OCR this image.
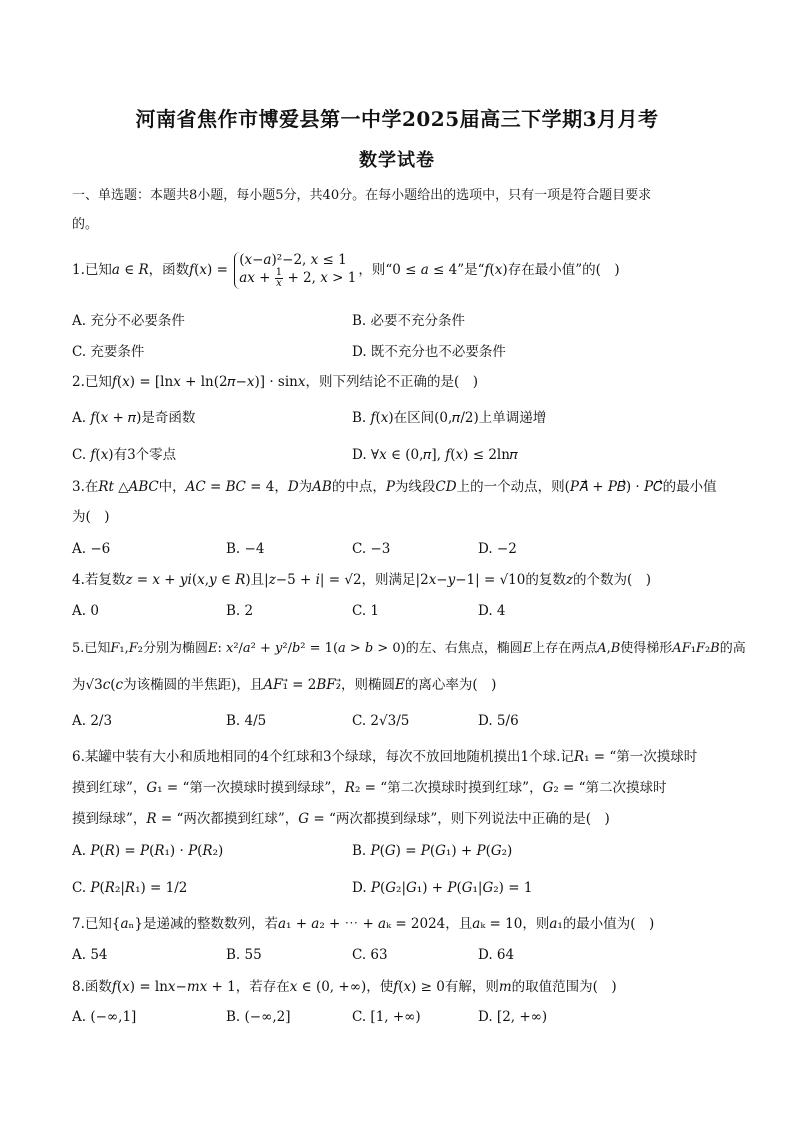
河南省焦作市博爱县第一中学2025届高三下学期3月月考
数学试卷
一、单选题：本题共8小题，每小题5分，共40分。在每小题给出的选项中，只有一项是符合题目要求
的。
1.已知𝑎 ∈ 𝑅，函数𝑓(𝑥) =
(𝑥−𝑎)²−2, 𝑥 ≤ 1
𝑎𝑥 + $\frac{1}{\text{𝑥}} + 2$, 𝑥 > 1 ，则“0 ≤ 𝑎 ≤ 4”是“𝑓(𝑥)存在最小值”的(　)
A. 充分不必要条件	B. 必要不充分条件
C. 充要条件	D. 既不充分也不必要条件
2.已知𝑓(𝑥) = [ln𝑥 + ln(2𝜋−𝑥)] · sin𝑥，则下列结论不正确的是(　)
A. 𝑓(𝑥 + 𝜋)是奇函数	B. 𝑓(𝑥)在区间(0,𝜋/2)上单调递增
C. 𝑓(𝑥)有3个零点	D. ∀𝑥 ∈ (0,𝜋], 𝑓(𝑥) ≤ 2ln𝜋
3.在𝑅𝑡 △𝐴𝐵𝐶中，𝐴𝐶 = 𝐵𝐶 = 4，𝐷为𝐴𝐵的中点，𝑃为线段𝐶𝐷上的一个动点，则(𝑃𝐴⃗ + 𝑃𝐵⃗) · 𝑃𝐶⃗的最小值
为(　)
A. −6	B. −4	C. −3	D. −2
4.若复数𝑧 = 𝑥 + 𝑦𝑖(𝑥,𝑦 ∈ 𝑅)且|𝑧−5 + 𝑖| = √2，则满足|2𝑥−𝑦−1| = √10的复数𝑧的个数为(　)
A. 0	B. 2	C. 1	D. 4
5.已知𝐹₁,𝐹₂分别为椭圆𝐸: 𝑥²/𝑎² + 𝑦²/𝑏² = 1(𝑎 > 𝑏 > 0)的左、右焦点，椭圆𝐸上存在两点𝐴,𝐵使得梯形𝐴𝐹₁𝐹₂𝐵的高
为√3𝑐(𝑐为该椭圆的半焦距)，且𝐴𝐹₁⃗ = 2𝐵𝐹₂⃗，则椭圆𝐸的离心率为(　)
A. 2/3	B. 4/5	C. 2√3/5	D. 5/6
6.某罐中装有大小和质地相同的4个红球和3个绿球，每次不放回地随机摸出1个球.记𝑅₁ = “第一次摸球时
摸到红球”，𝐺₁ = “第一次摸球时摸到绿球”，𝑅₂ = “第二次摸球时摸到红球”，𝐺₂ = “第二次摸球时
摸到绿球”，𝑅 = “两次都摸到红球”，𝐺 = “两次都摸到绿球”，则下列说法中正确的是(　)
A. 𝑃(𝑅) = 𝑃(𝑅₁) · 𝑃(𝑅₂)	B. 𝑃(𝐺) = 𝑃(𝐺₁) + 𝑃(𝐺₂)
C. 𝑃(𝑅₂|𝑅₁) = 1/2	D. 𝑃(𝐺₂|𝐺₁) + 𝑃(𝐺₁|𝐺₂) = 1
7.已知{𝑎ₙ}是递减的整数数列，若𝑎₁ + 𝑎₂ + ⋯ + 𝑎ₖ = 2024，且𝑎ₖ = 10，则𝑎₁的最小值为(　)
A. 54	B. 55	C. 63	D. 64
8.函数𝑓(𝑥) = ln𝑥−𝑚𝑥 + 1，若存在𝑥 ∈ (0, +∞)，使𝑓(𝑥) ≥ 0有解，则𝑚的取值范围为(　)
A. (−∞,1]	B. (−∞,2]	C. [1, +∞)	D. [2, +∞)
